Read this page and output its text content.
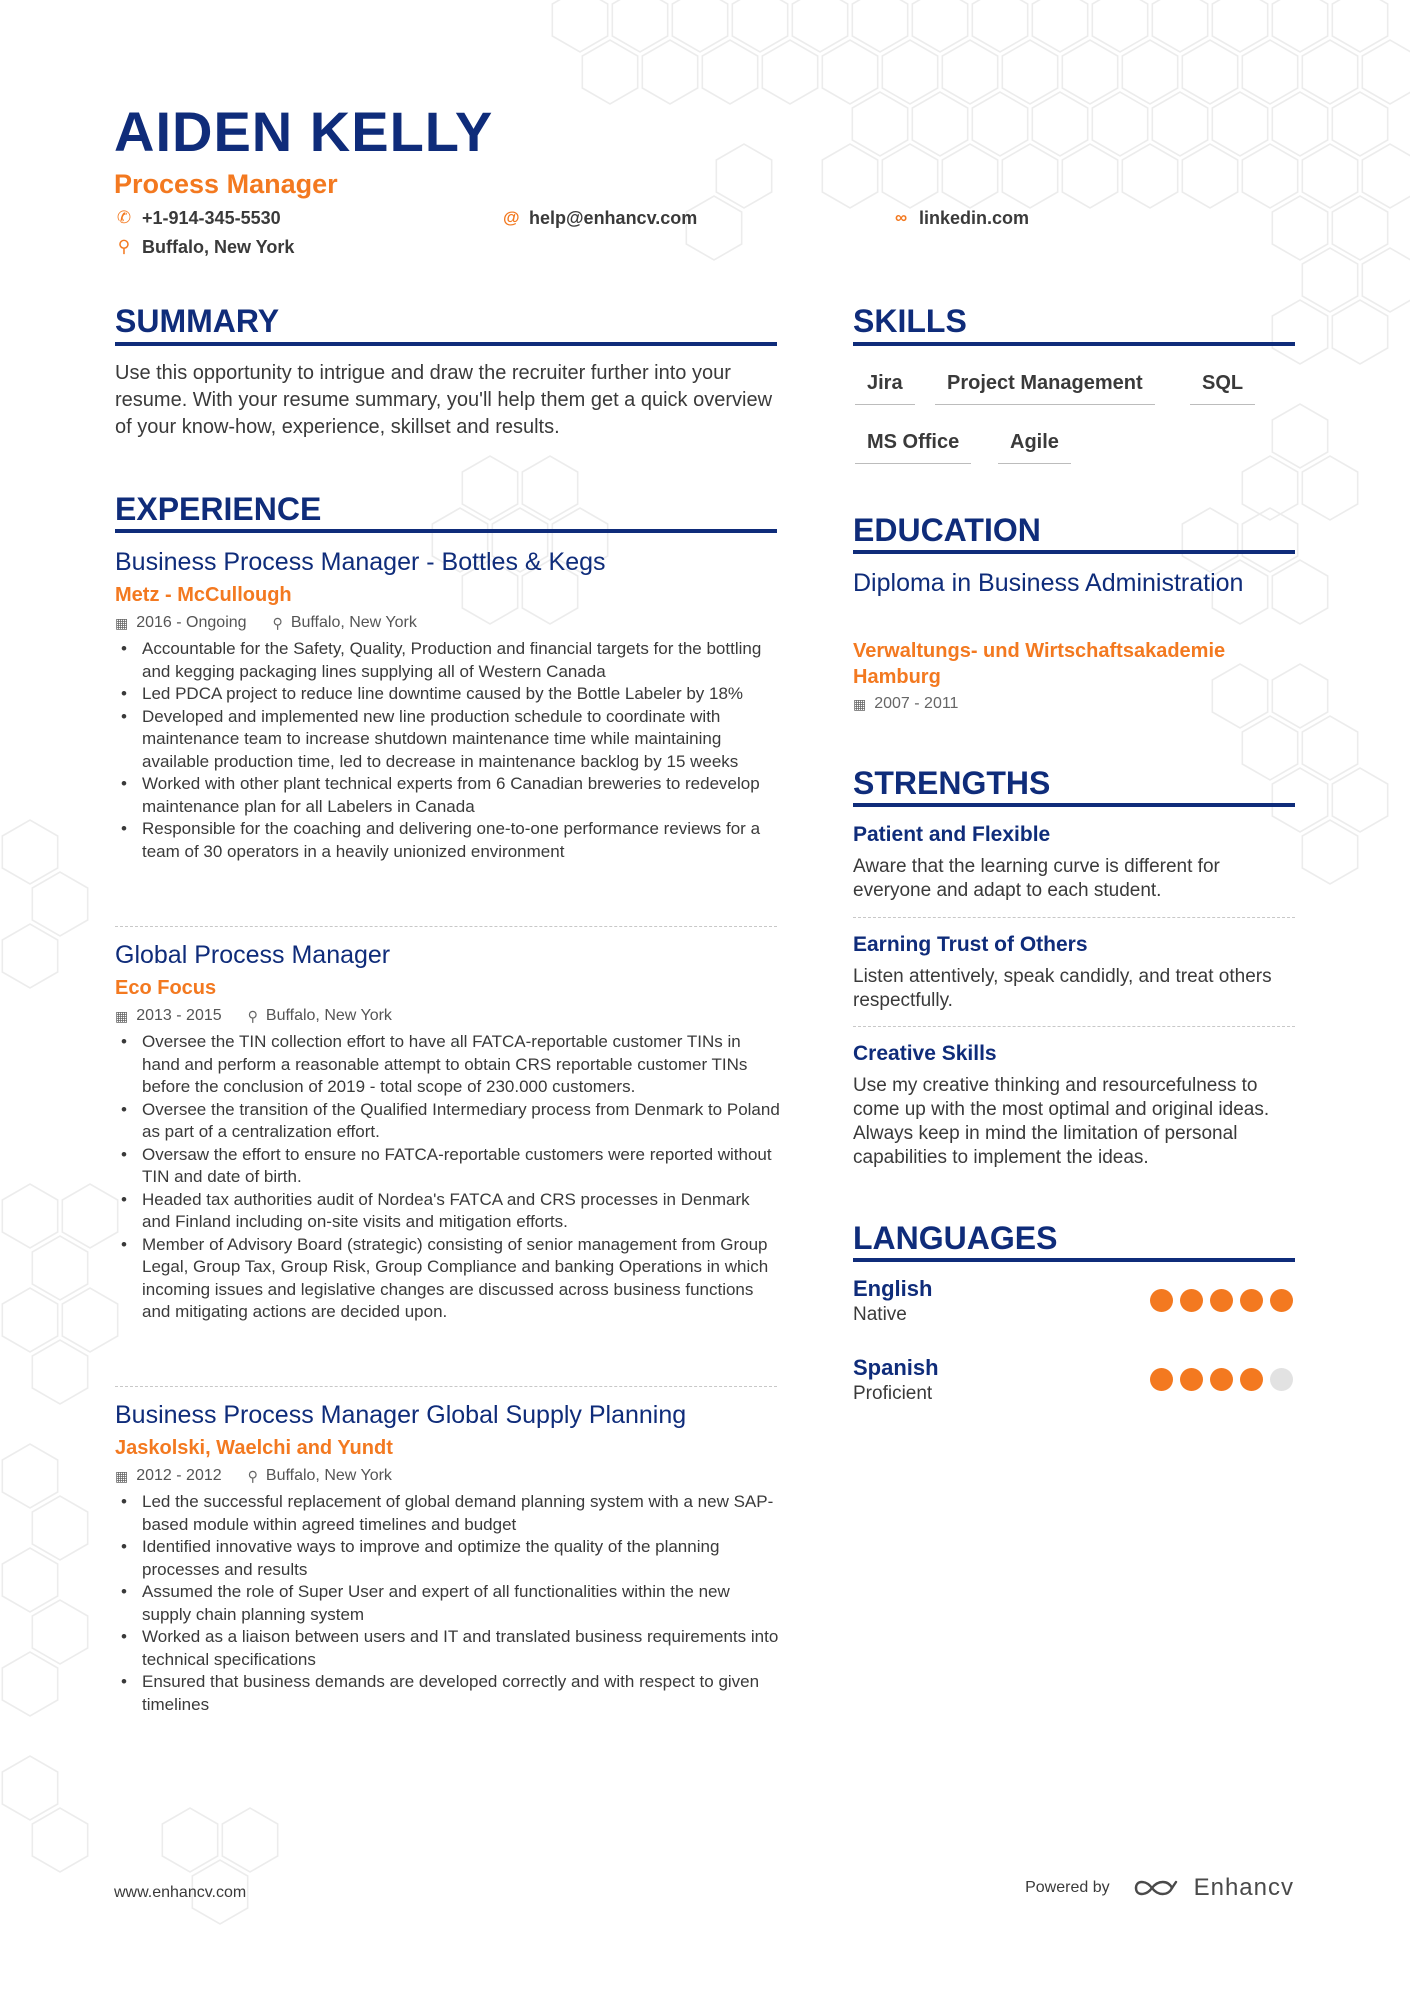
AIDEN KELLY
Process Manager
✆ +1-914-345-5530	@ help@enhancv.com	∞ linkedin.com
⚲ Buffalo, New York
SUMMARY
Use this opportunity to intrigue and draw the recruiter further into your resume. With your resume summary, you'll help them get a quick overview of your know-how, experience, skillset and results.
EXPERIENCE
Business Process Manager - Bottles & Kegs
Metz - McCullough
▦ 2016 - Ongoing ⚲ Buffalo, New York
• Accountable for the Safety, Quality, Production and financial targets for the bottling and kegging packaging lines supplying all of Western Canada
• Led PDCA project to reduce line downtime caused by the Bottle Labeler by 18%
• Developed and implemented new line production schedule to coordinate with maintenance team to increase shutdown maintenance time while maintaining available production time, led to decrease in maintenance backlog by 15 weeks
• Worked with other plant technical experts from 6 Canadian breweries to redevelop maintenance plan for all Labelers in Canada
• Responsible for the coaching and delivering one-to-one performance reviews for a team of 30 operators in a heavily unionized environment
Global Process Manager
Eco Focus
▦ 2013 - 2015 ⚲ Buffalo, New York
• Oversee the TIN collection effort to have all FATCA-reportable customer TINs in hand and perform a reasonable attempt to obtain CRS reportable customer TINs before the conclusion of 2019 - total scope of 230.000 customers.
• Oversee the transition of the Qualified Intermediary process from Denmark to Poland as part of a centralization effort.
• Oversaw the effort to ensure no FATCA-reportable customers were reported without TIN and date of birth.
• Headed tax authorities audit of Nordea's FATCA and CRS processes in Denmark and Finland including on-site visits and mitigation efforts.
• Member of Advisory Board (strategic) consisting of senior management from Group Legal, Group Tax, Group Risk, Group Compliance and banking Operations in which incoming issues and legislative changes are discussed across business functions and mitigating actions are decided upon.
Business Process Manager Global Supply Planning
Jaskolski, Waelchi and Yundt
▦ 2012 - 2012 ⚲ Buffalo, New York
• Led the successful replacement of global demand planning system with a new SAP-based module within agreed timelines and budget
• Identified innovative ways to improve and optimize the quality of the planning processes and results
• Assumed the role of Super User and expert of all functionalities within the new supply chain planning system
• Worked as a liaison between users and IT and translated business requirements into technical specifications
• Ensured that business demands are developed correctly and with respect to given timelines
SKILLS
Jira	Project Management	SQL
MS Office	Agile
EDUCATION
Diploma in Business Administration
Verwaltungs- und Wirtschaftsakademie Hamburg
▦ 2007 - 2011
STRENGTHS
Patient and Flexible
Aware that the learning curve is different for everyone and adapt to each student.
Earning Trust of Others
Listen attentively, speak candidly, and treat others respectfully.
Creative Skills
Use my creative thinking and resourcefulness to come up with the most optimal and original ideas. Always keep in mind the limitation of personal capabilities to implement the ideas.
LANGUAGES
English
Native
Spanish
Proficient
www.enhancv.com	Powered by	Enhancv
